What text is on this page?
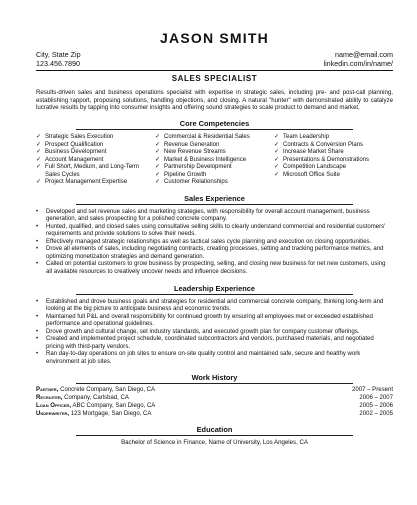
JASON SMITH
City, State Zip
123.456.7890
name@email.com
linkedin.com/in/name/
SALES SPECIALIST
Results-driven sales and business operations specialist with expertise in strategic sales, including pre- and post-call planning, establishing rapport, proposing solutions, handling objections, and closing. A natural "hunter" with demonstrated ability to catalyze lucrative results by tapping into consumer insights and offering sound strategies to scale product to demand and market.
Core Competencies
✓ Strategic Sales Execution
✓ Prospect Qualification
✓ Business Development
✓ Account Management
✓ Full Short, Medium, and Long-Term Sales Cycles
✓ Project Management Expertise
✓ Commercial & Residential Sales
✓ Revenue Generation
✓ New Revenue Streams
✓ Market & Business Intelligence
✓ Partnership Development
✓ Pipeline Growth
✓ Customer Relationships
✓ Team Leadership
✓ Contracts & Conversion Plans
✓ Increase Market Share
✓ Presentations & Demonstrations
✓ Competition Landscape
✓ Microsoft Office Suite
Sales Experience
•	Developed and set revenue sales and marketing strategies, with responsibility for overall account management, business generation, and sales prospecting for a polished concrete company.
•	Hunted, qualified, and closed sales using consultative selling skills to clearly understand commercial and residential customers' requirements and provide solutions to solve their needs.
•	Effectively managed strategic relationships as well as tactical sales cycle planning and execution on closing opportunities.
•	Drove all elements of sales, including negotiating contracts, creating processes, setting and tracking performance metrics, and optimizing monetization strategies and demand generation.
•	Called on potential customers to grow business by prospecting, selling, and closing new business for net new customers, using all available resources to creatively uncover needs and influence decisions.
Leadership Experience
•	Established and drove business goals and strategies for residential and commercial concrete company, thinking long-term and looking at the big picture to anticipate business and economic trends.
•	Maintained full P&L and overall responsibility for continued growth by ensuring all employees met or exceeded established performance and operational guidelines.
•	Drove growth and cultural change, set industry standards, and executed growth plan for company customer offerings.
•	Created and implemented project schedule, coordinated subcontractors and vendors, purchased materials, and negotiated pricing with third-party vendors.
•	Ran day-to-day operations on job sites to ensure on-site quality control and maintained safe, secure and healthy work environment at job sites.
Work History
Partner, Concrete Company, San Diego, CA	2007 – Present
Recruiter, Company, Carlsbad, CA	2006 – 2007
Loan Officer, ABC Company, San Diego, CA	2005 – 2006
Underwriter, 123 Mortgage, San Diego, CA	2002 – 2005
Education
Bachelor of Science in Finance, Name of University, Los Angeles, CA
